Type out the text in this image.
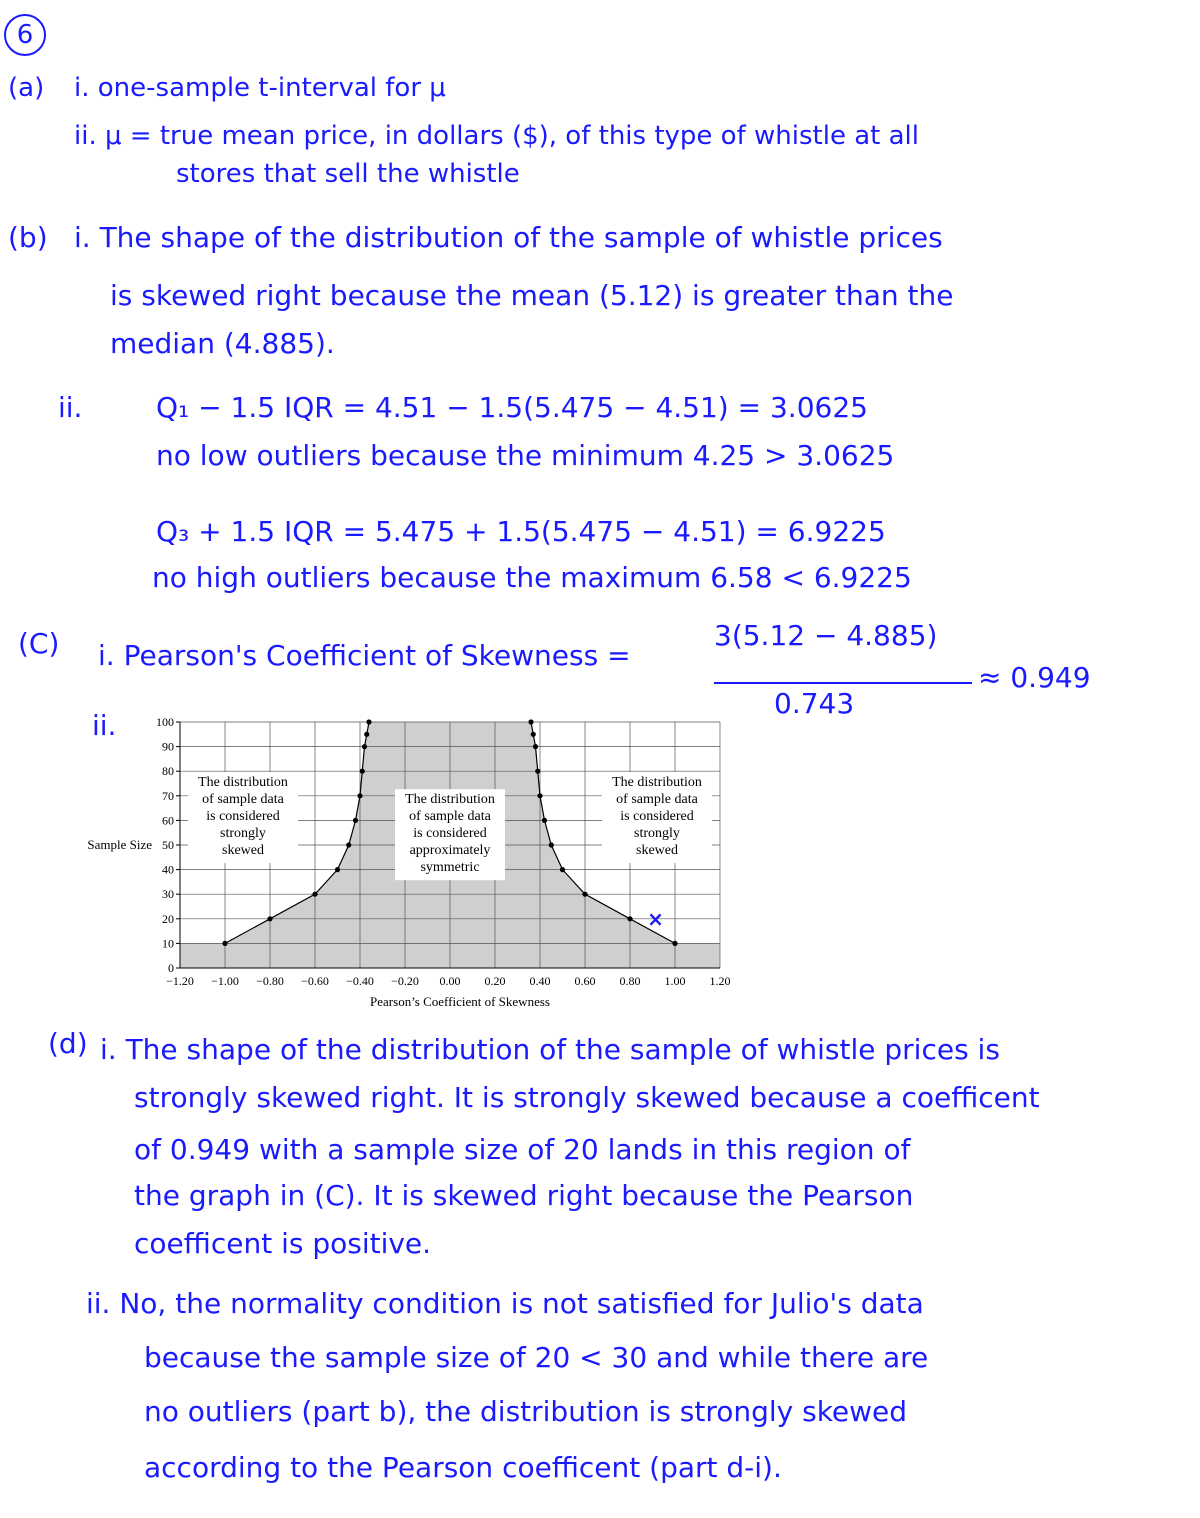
6
(a) i. one-sample t-interval for μ
ii. μ = true mean price, in dollars ($), of this type of whistle at all
stores that sell the whistle
(b) i. The shape of the distribution of the sample of whistle prices
is skewed right because the mean (5.12) is greater than the
median (4.885).
ii.	Q₁ − 1.5 IQR = 4.51 − 1.5(5.475 − 4.51) = 3.0625
no low outliers because the minimum 4.25 > 3.0625
Q₃ + 1.5 IQR = 5.475 + 1.5(5.475 − 4.51) = 6.9225
no high outliers because the maximum 6.58 < 6.9225
(C) i. Pearson's Coefficient of Skewness =
3(5.12 − 4.885)
0.743
≈ 0.949
ii.
0
10
20
30
40
50
60
70
80
90
100
−1.20 −1.00 −0.80 −0.60 −0.40 −0.20 0.00 0.20 0.40 0.60 0.80 1.00 1.20
The distribution
of sample data
is considered
strongly
skewed
The distribution
of sample data
is considered
approximately
symmetric
The distribution
of sample data
is considered
strongly
skewed
Sample Size
Pearson’s Coefficient of Skewness
×
(d) i. The shape of the distribution of the sample of whistle prices is
strongly skewed right. It is strongly skewed because a coefficent
of 0.949 with a sample size of 20 lands in this region of
the graph in (C). It is skewed right because the Pearson
coefficent is positive.
ii. No, the normality condition is not satisfied for Julio's data
because the sample size of 20 < 30 and while there are
no outliers (part b), the distribution is strongly skewed
according to the Pearson coefficent (part d-i).
